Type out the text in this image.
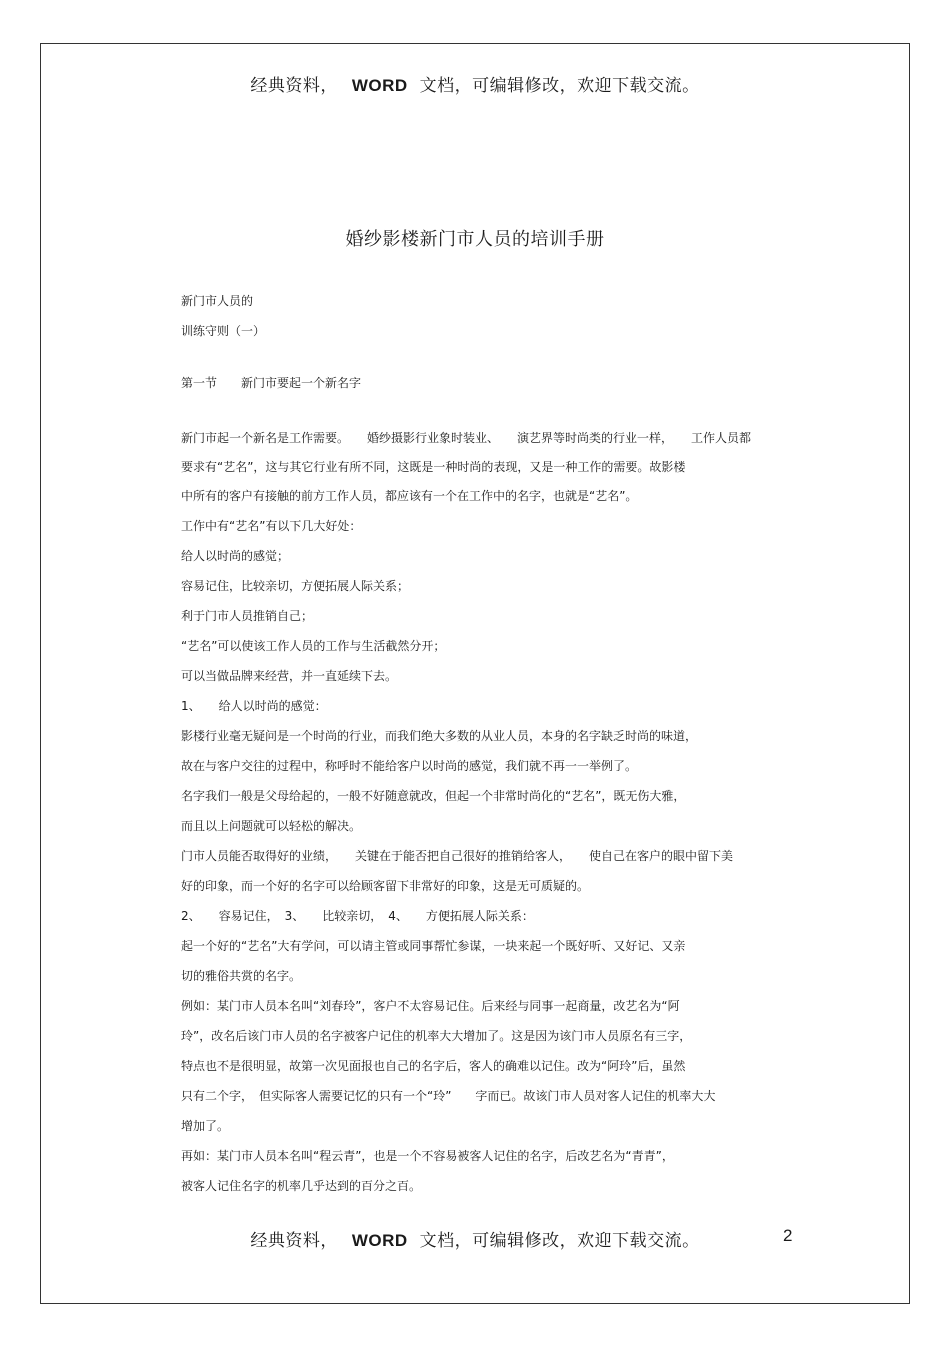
经典资料， WORD 文档，可编辑修改，欢迎下载交流。
婚纱影楼新门市人员的培训手册
新门市人员的
训练守则（一）
第一节　　新门市要起一个新名字
新门市起一个新名是工作需要。　　婚纱摄影行业象时装业、　　演艺界等时尚类的行业一样，　　工作人员都
要求有“艺名”，这与其它行业有所不同，这既是一种时尚的表现，又是一种工作的需要。故影楼
中所有的客户有接触的前方工作人员，都应该有一个在工作中的名字，也就是“艺名”。
工作中有“艺名”有以下几大好处：
给人以时尚的感觉；
容易记住，比较亲切，方便拓展人际关系；
利于门市人员推销自己；
“艺名”可以使该工作人员的工作与生活截然分开；
可以当做品牌来经营，并一直延续下去。
1、　　给人以时尚的感觉：
影楼行业毫无疑问是一个时尚的行业，而我们绝大多数的从业人员，本身的名字缺乏时尚的味道，
故在与客户交往的过程中，称呼时不能给客户以时尚的感觉，我们就不再一一举例了。
名字我们一般是父母给起的，一般不好随意就改，但起一个非常时尚化的“艺名”，既无伤大雅，
而且以上问题就可以轻松的解决。
门市人员能否取得好的业绩，　　关键在于能否把自己很好的推销给客人，　　使自己在客户的眼中留下美
好的印象，而一个好的名字可以给顾客留下非常好的印象，这是无可质疑的。
2、　　容易记住，　3、　　比较亲切，　4、　　方便拓展人际关系：
起一个好的“艺名”大有学问，可以请主管或同事帮忙参谋，一块来起一个既好听、又好记、又亲
切的雅俗共赏的名字。
例如：某门市人员本名叫“刘春玲”，客户不太容易记住。后来经与同事一起商量，改艺名为“阿
玲”，改名后该门市人员的名字被客户记住的机率大大增加了。这是因为该门市人员原名有三字，
特点也不是很明显，故第一次见面报也自己的名字后，客人的确难以记住。改为“阿玲”后，虽然
只有二个字，　但实际客人需要记忆的只有一个“玲”　　字而已。故该门市人员对客人记住的机率大大
增加了。
再如：某门市人员本名叫“程云青”，也是一个不容易被客人记住的名字，后改艺名为“青青”，
被客人记住名字的机率几乎达到的百分之百。
经典资料， WORD 文档，可编辑修改，欢迎下载交流。	2
